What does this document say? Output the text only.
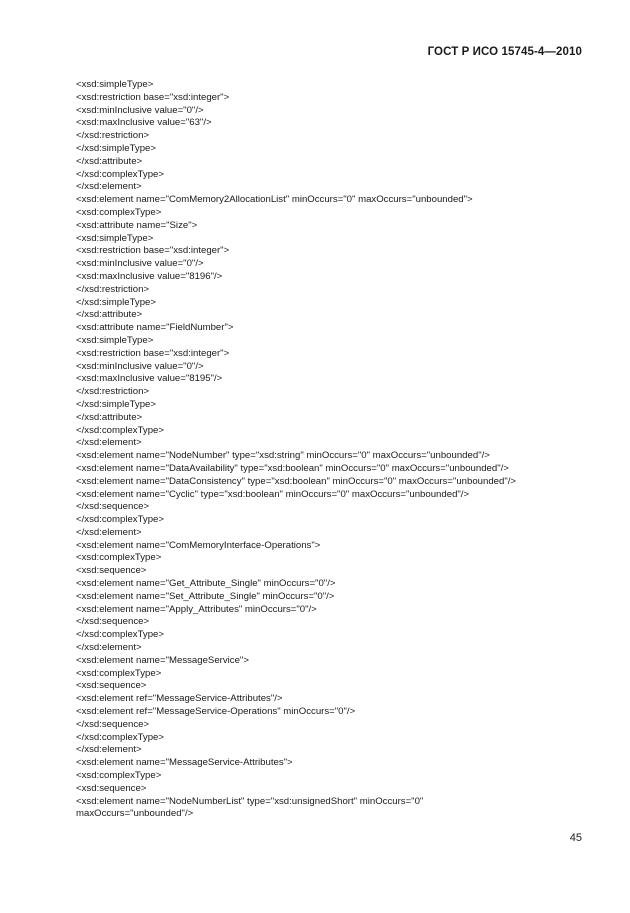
ГОСТ Р ИСО 15745-4—2010
<xsd:simpleType>
<xsd:restriction base="xsd:integer">
<xsd:minInclusive value="0"/>
<xsd:maxInclusive value="63"/>
</xsd:restriction>
</xsd:simpleType>
</xsd:attribute>
</xsd:complexType>
</xsd:element>
<xsd:element name="ComMemory2AllocationList" minOccurs="0" maxOccurs="unbounded">
<xsd:complexType>
<xsd:attribute name="Size">
<xsd:simpleType>
<xsd:restriction base="xsd:integer">
<xsd:minInclusive value="0"/>
<xsd:maxInclusive value="8196"/>
</xsd:restriction>
</xsd:simpleType>
</xsd:attribute>
<xsd:attribute name="FieldNumber">
<xsd:simpleType>
<xsd:restriction base="xsd:integer">
<xsd:minInclusive value="0"/>
<xsd:maxInclusive value="8195"/>
</xsd:restriction>
</xsd:simpleType>
</xsd:attribute>
</xsd:complexType>
</xsd:element>
<xsd:element name="NodeNumber" type="xsd:string" minOccurs="0" maxOccurs="unbounded"/>
<xsd:element name="DataAvailability" type="xsd:boolean" minOccurs="0" maxOccurs="unbounded"/>
<xsd:element name="DataConsistency" type="xsd:boolean" minOccurs="0" maxOccurs="unbounded"/>
<xsd:element name="Cyclic" type="xsd:boolean" minOccurs="0" maxOccurs="unbounded"/>
</xsd:sequence>
</xsd:complexType>
</xsd:element>
<xsd:element name="ComMemoryInterface-Operations">
<xsd:complexType>
<xsd:sequence>
<xsd:element name="Get_Attribute_Single" minOccurs="0"/>
<xsd:element name="Set_Attribute_Single" minOccurs="0"/>
<xsd:element name="Apply_Attributes" minOccurs="0"/>
</xsd:sequence>
</xsd:complexType>
</xsd:element>
<xsd:element name="MessageService">
<xsd:complexType>
<xsd:sequence>
<xsd:element ref="MessageService-Attributes"/>
<xsd:element ref="MessageService-Operations" minOccurs="0"/>
</xsd:sequence>
</xsd:complexType>
</xsd:element>
<xsd:element name="MessageService-Attributes">
<xsd:complexType>
<xsd:sequence>
<xsd:element name="NodeNumberList" type="xsd:unsignedShort" minOccurs="0"
maxOccurs="unbounded"/>
45
